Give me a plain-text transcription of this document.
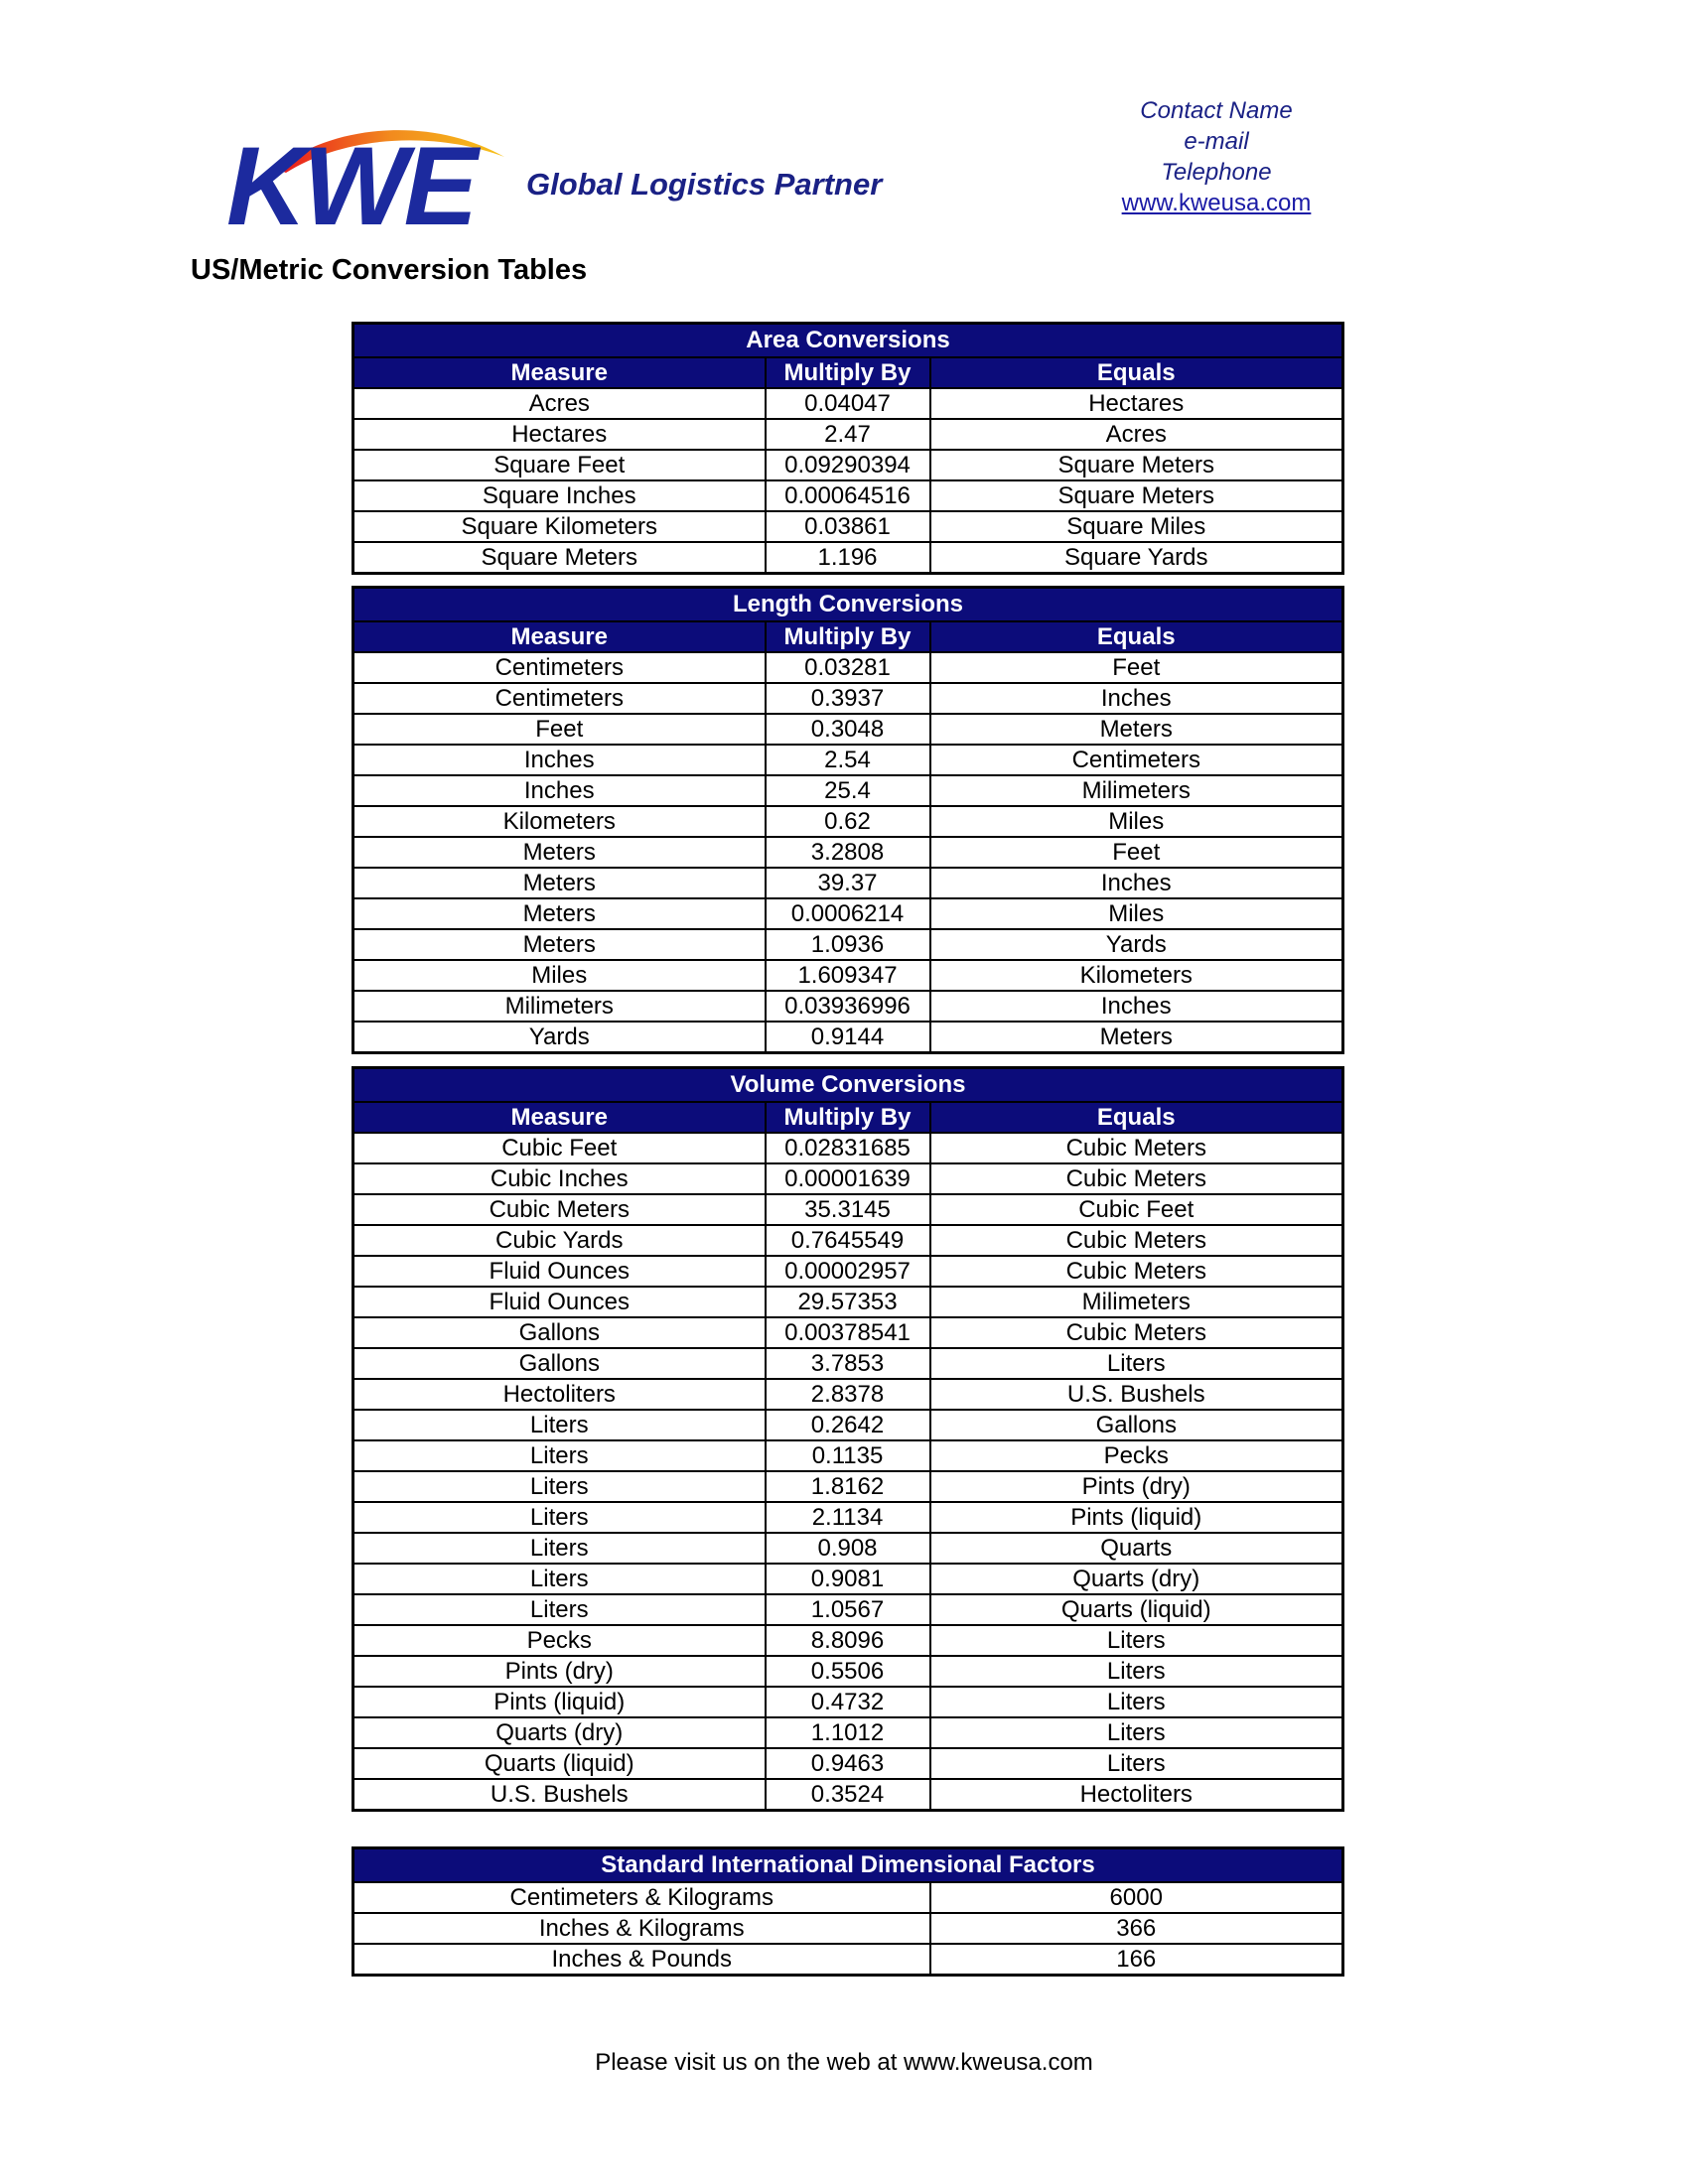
KWE Global Logistics Partner
Contact Name
e-mail
Telephone
www.kweusa.com
US/Metric Conversion Tables
Area Conversions		
Measure	Multiply By	Equals
Acres	0.04047	Hectares
Hectares	2.47	Acres
Square Feet	0.09290394	Square Meters
Square Inches	0.00064516	Square Meters
Square Kilometers	0.03861	Square Miles
Square Meters	1.196	Square Yards
Length Conversions		
Measure	Multiply By	Equals
Centimeters	0.03281	Feet
Centimeters	0.3937	Inches
Feet	0.3048	Meters
Inches	2.54	Centimeters
Inches	25.4	Milimeters
Kilometers	0.62	Miles
Meters	3.2808	Feet
Meters	39.37	Inches
Meters	0.0006214	Miles
Meters	1.0936	Yards
Miles	1.609347	Kilometers
Milimeters	0.03936996	Inches
Yards	0.9144	Meters
Volume Conversions		
Measure	Multiply By	Equals
Cubic Feet	0.02831685	Cubic Meters
Cubic Inches	0.00001639	Cubic Meters
Cubic Meters	35.3145	Cubic Feet
Cubic Yards	0.7645549	Cubic Meters
Fluid Ounces	0.00002957	Cubic Meters
Fluid Ounces	29.57353	Milimeters
Gallons	0.00378541	Cubic Meters
Gallons	3.7853	Liters
Hectoliters	2.8378	U.S. Bushels
Liters	0.2642	Gallons
Liters	0.1135	Pecks
Liters	1.8162	Pints (dry)
Liters	2.1134	Pints (liquid)
Liters	0.908	Quarts
Liters	0.9081	Quarts (dry)
Liters	1.0567	Quarts (liquid)
Pecks	8.8096	Liters
Pints (dry)	0.5506	Liters
Pints (liquid)	0.4732	Liters
Quarts (dry)	1.1012	Liters
Quarts (liquid)	0.9463	Liters
U.S. Bushels	0.3524	Hectoliters
Standard International Dimensional Factors	
Centimeters & Kilograms	6000
Inches & Kilograms	366
Inches & Pounds	166
Please visit us on the web at www.kweusa.com
